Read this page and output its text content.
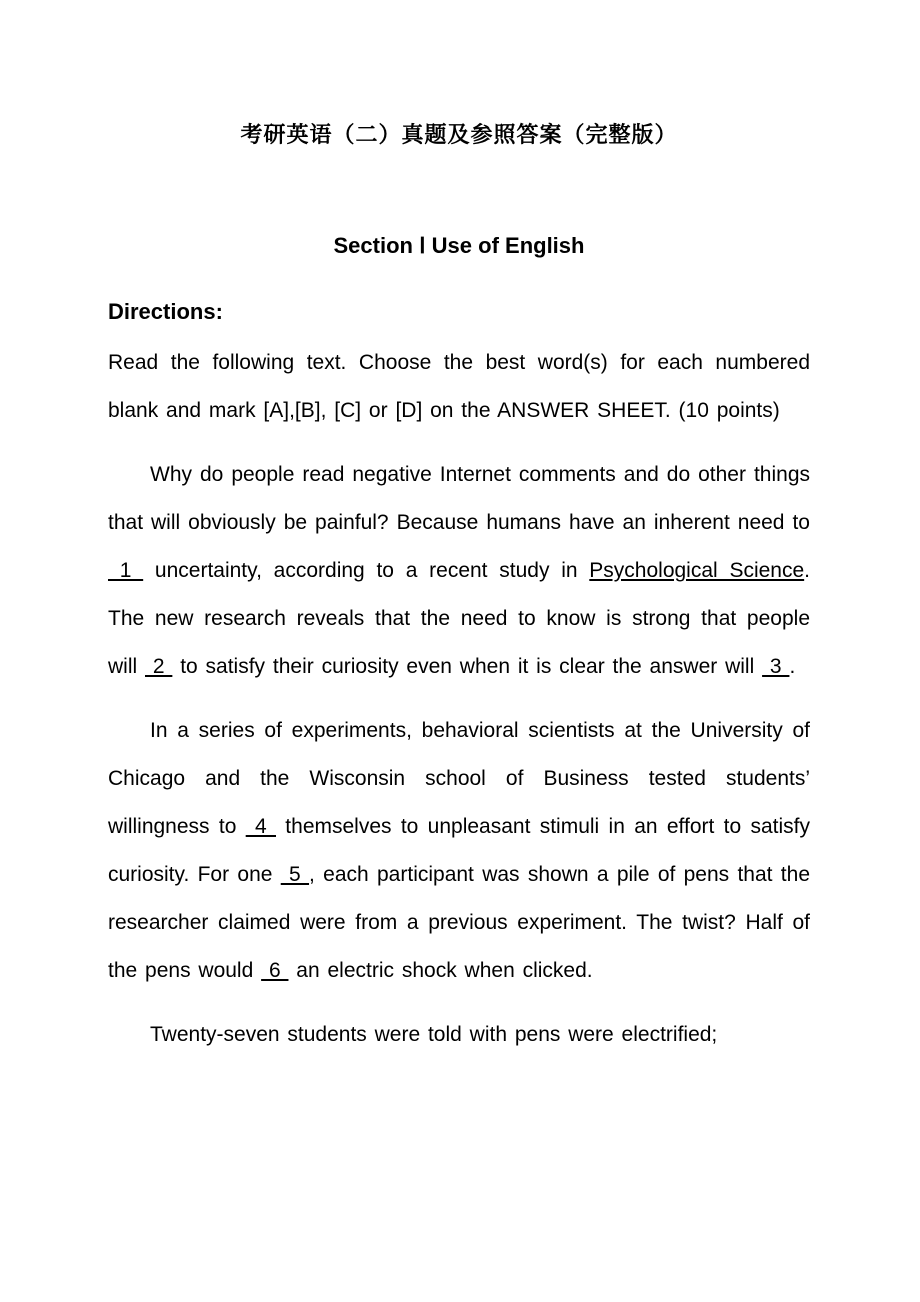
考研英语（二）真题及参照答案（完整版）
Section Ⅰ Use of English

Directions:

Read the following text. Choose the best word(s) for each numbered blank and mark [A],[B], [C] or [D] on the ANSWER SHEET. (10 points)

Why do people read negative Internet comments and do other things that will obviously be painful? Because humans have an inherent need to  1  uncertainty, according to a recent study in Psychological Science. The new research reveals that the need to know is strong that people will  2  to satisfy their curiosity even when it is clear the answer will  3 .

In a series of experiments, behavioral scientists at the University of Chicago and the Wisconsin school of Business tested students’ willingness to  4  themselves to unpleasant stimuli in an effort to satisfy curiosity. For one  5 , each participant was shown a pile of pens that the researcher claimed were from a previous experiment. The twist? Half of the pens would  6  an electric shock when clicked.

Twenty-seven students were told with pens were electrified;
